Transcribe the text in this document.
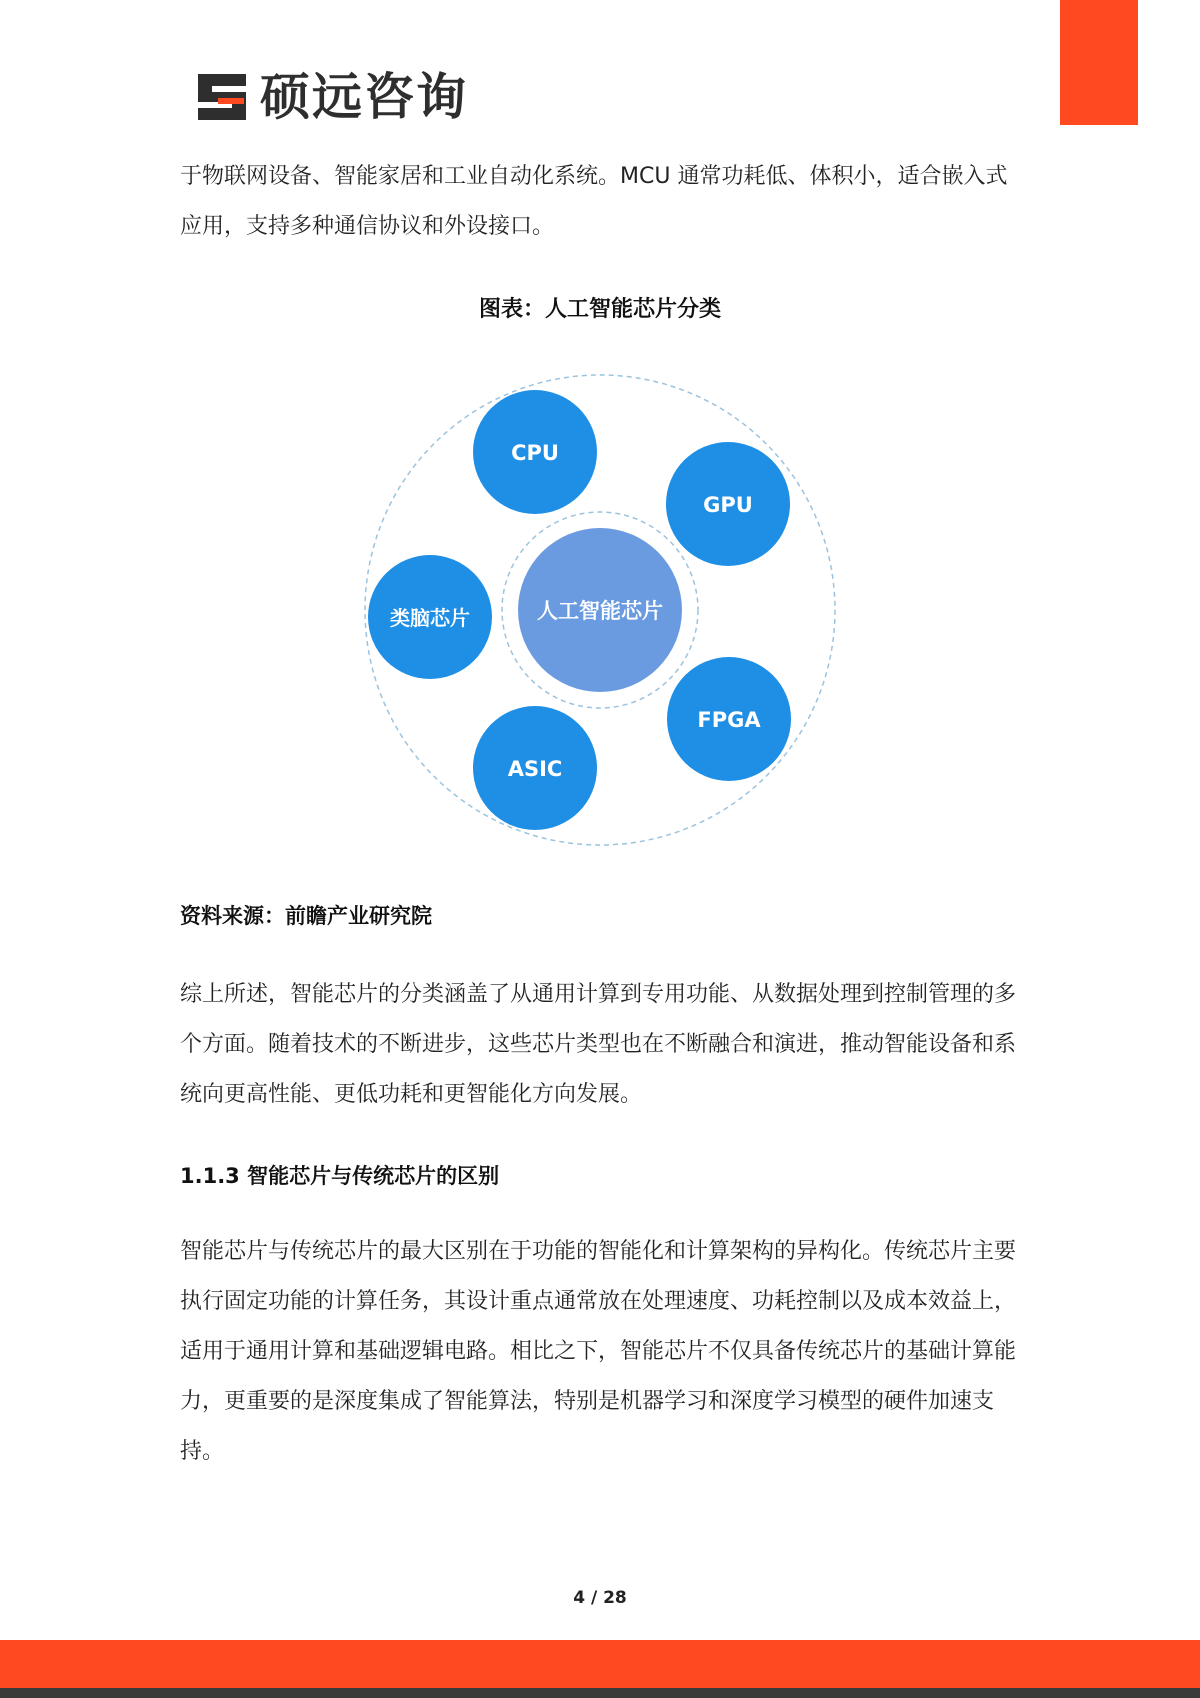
硕远咨询

于物联网设备、智能家居和工业自动化系统。MCU 通常功耗低、体积小，适合嵌入式应用，支持多种通信协议和外设接口。

图表：人工智能芯片分类
人工智能芯片
CPU
GPU
类脑芯片
FPGA
ASIC
资料来源：前瞻产业研究院

综上所述，智能芯片的分类涵盖了从通用计算到专用功能、从数据处理到控制管理的多个方面。随着技术的不断进步，这些芯片类型也在不断融合和演进，推动智能设备和系统向更高性能、更低功耗和更智能化方向发展。

1.1.3 智能芯片与传统芯片的区别

智能芯片与传统芯片的最大区别在于功能的智能化和计算架构的异构化。传统芯片主要执行固定功能的计算任务，其设计重点通常放在处理速度、功耗控制以及成本效益上，适用于通用计算和基础逻辑电路。相比之下，智能芯片不仅具备传统芯片的基础计算能力，更重要的是深度集成了智能算法，特别是机器学习和深度学习模型的硬件加速支持。

4 / 28
